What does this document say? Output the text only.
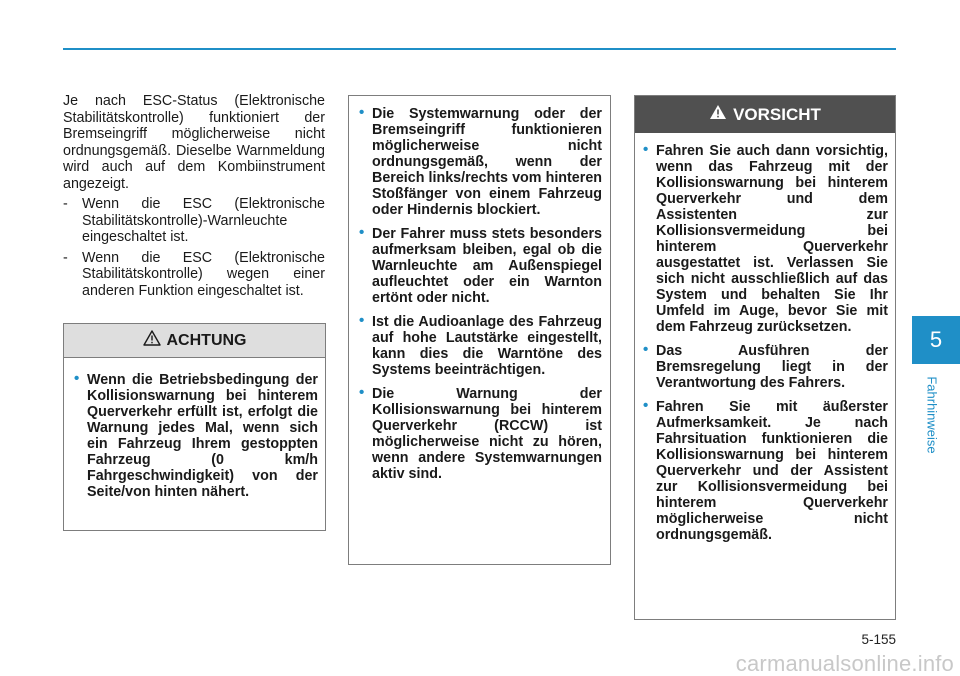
Je nach ESC-Status (Elektronische Stabilitätskontrolle) funktioniert der Bremseingriff möglicherweise nicht ordnungsgemäß. Dieselbe Warnmeldung wird auch auf dem Kombiinstrument angezeigt.

- Wenn die ESC (Elektronische Stabilitätskontrolle)-Warnleuchte eingeschaltet ist.
- Wenn die ESC (Elektronische Stabilitätskontrolle) wegen einer anderen Funktion eingeschaltet ist.
ACHTUNG
• Wenn die Betriebsbedingung der Kollisionswarnung bei hinterem Querverkehr erfüllt ist, erfolgt die Warnung jedes Mal, wenn sich ein Fahrzeug Ihrem gestoppten Fahrzeug (0 km/h Fahrgeschwindigkeit) von der Seite/von hinten nähert.
• Die Systemwarnung oder der Bremseingriff funktionieren möglicherweise nicht ordnungsgemäß, wenn der Bereich links/rechts vom hinteren Stoßfänger von einem Fahrzeug oder Hindernis blockiert.
• Der Fahrer muss stets besonders aufmerksam bleiben, egal ob die Warnleuchte am Außenspiegel aufleuchtet oder ein Warnton ertönt oder nicht.
• Ist die Audioanlage des Fahrzeug auf hohe Lautstärke eingestellt, kann dies die Warntöne des Systems beeinträchtigen.
• Die Warnung der Kollisionswarnung bei hinterem Querverkehr (RCCW) ist möglicherweise nicht zu hören, wenn andere Systemwarnungen aktiv sind.
VORSICHT
• Fahren Sie auch dann vorsichtig, wenn das Fahrzeug mit der Kollisionswarnung bei hinterem Querverkehr und dem Assistenten zur Kollisionsvermeidung bei hinterem Querverkehr ausgestattet ist. Verlassen Sie sich nicht ausschließlich auf das System und behalten Sie Ihr Umfeld im Auge, bevor Sie mit dem Fahrzeug zurücksetzen.
• Das Ausführen der Bremsregelung liegt in der Verantwortung des Fahrers.
• Fahren Sie mit äußerster Aufmerksamkeit. Je nach Fahrsituation funktionieren die Kollisionswarnung bei hinterem Querverkehr und der Assistent zur Kollisionsvermeidung bei hinterem Querverkehr möglicherweise nicht ordnungsgemäß.
5
Fahrhinweise
5-155
carmanualsonline.info
